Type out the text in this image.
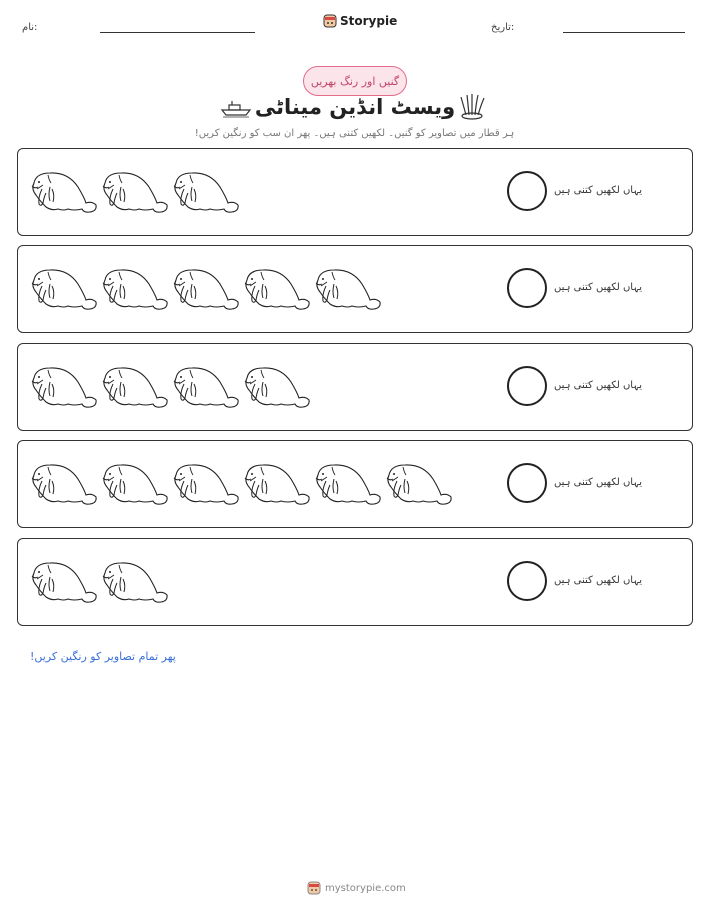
نام:	Storypie	تاریخ:
گنیں اور رنگ بھریں
ویسٹ انڈین میناٹی
ہر قطار میں تصاویر کو گنیں۔ لکھیں کتنی ہیں۔ پھر ان سب کو رنگین کریں!
یہاں لکھیں کتنی ہیں
یہاں لکھیں کتنی ہیں
یہاں لکھیں کتنی ہیں
یہاں لکھیں کتنی ہیں
یہاں لکھیں کتنی ہیں
پھر تمام تصاویر کو رنگین کریں!
mystorypie.com
